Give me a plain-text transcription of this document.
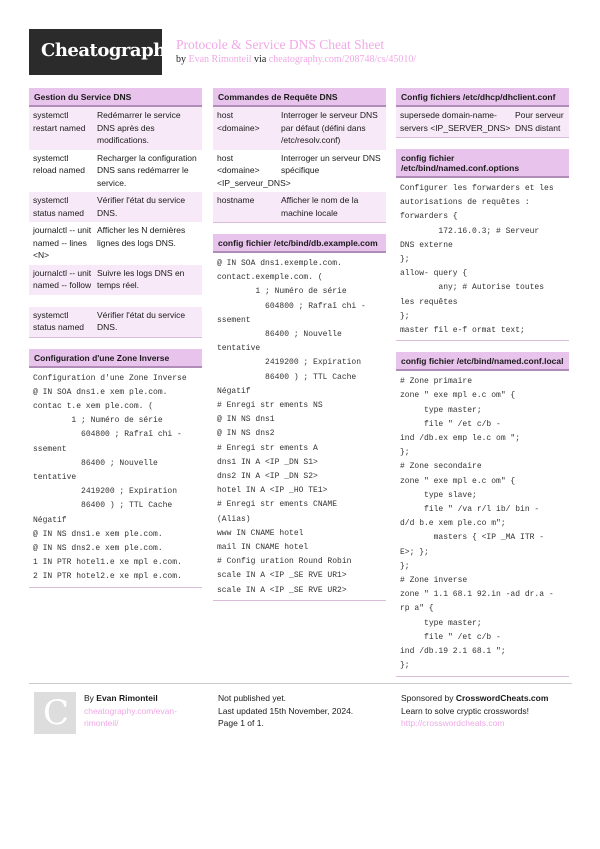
Cheatography Protocole & Service DNS Cheat Sheet
by Evan Rimonteil via cheatography.com/208748/cs/45010/
Gestion du Service DNS
systemctl restart named
Redémarrer le service DNS après des modifications.
systemctl reload named
Recharger la configuration DNS sans redémarrer le service.
systemctl status named
Vérifier l'état du service DNS.
journalctl -- unit named -- lines <N>
Afficher les N dernières lignes des logs DNS.
journalctl -- unit named -- follow
Suivre les logs DNS en temps réel.
systemctl status named
Vérifier l'état du service DNS.
Configuration d'une Zone Inverse
Configuration d'une Zone Inverse
@ IN SOA dns1.e xem ple.com.
contac t.e xem ple.com. (
1 ; Numéro de série
604800 ; Rafraî chi -
ssement
86400 ; Nouvelle
tentative
2419200 ; Expiration
86400 ) ; TTL Cache
Négatif
@ IN NS dns1.e xem ple.com.
@ IN NS dns2.e xem ple.com.
1 IN PTR hotel1.e xe mpl e.com.
2 IN PTR hotel2.e xe mpl e.com.
Commandes de Requête DNS
host <domaine>
Interroger le serveur DNS par défaut (défini dans /etc/resolv.conf)
host <domaine> <IP_serveur_DNS>
Interroger un serveur DNS spécifique
hostname	Afficher le nom de la machine locale
config fichier /etc/bind/db.example.com
@ IN SOA dns1.exemple.com.
contact.exemple.com. (
1 ; Numéro de série
604800 ; Rafraî chi -
ssement
86400 ; Nouvelle
tentative
2419200 ; Expiration
86400 ) ; TTL Cache
Négatif
# Enregi str ements NS
@ IN NS dns1
@ IN NS dns2
# Enregi str ements A
dns1 IN A <IP _DN S1>
dns2 IN A <IP _DN S2>
hotel IN A <IP _HO TE1>
# Enregi str ements CNAME
(Alias)
www IN CNAME hotel
mail IN CNAME hotel
# Config uration Round Robin
scale IN A <IP _SE RVE UR1>
scale IN A <IP _SE RVE UR2>
Config fichiers /etc/dhcp/dhclient.conf
supersede domain-name-servers <IP_SERVER_DNS>
Pour serveur DNS distant
config fichier /etc/bind/named.conf.options
Configurer les forwarders et les
autorisations de requêtes :
forwarders {
172.16.0.3; # Serveur
DNS externe
};
allow- query {
any; # Autorise toutes
les requêtes
};
master fil e-f ormat text;
config fichier /etc/bind/named.conf.local
# Zone primaire
zone " exe mpl e.c om" {
type master;
file " /et c/b -
ind /db.ex emp le.c om ";
};
# Zone secondaire
zone " exe mpl e.c om" {
type slave;
file " /va r/l ib/ bin -
d/d b.e xem ple.co m";
masters { <IP _MA ITR -
E>; };
};
# Zone inverse
zone " 1.1 68.1 92.in -ad dr.a -
rp a" {
type master;
file " /et c/b -
ind /db.19 2.1 68.1 ";
};
C By Evan Rimonteil
cheatography.com/evan-
rimonteil/
Not published yet.
Last updated 15th November, 2024.
Page 1 of 1.
Sponsored by CrosswordCheats.com
Learn to solve cryptic crosswords!
http://crosswordcheats.com
